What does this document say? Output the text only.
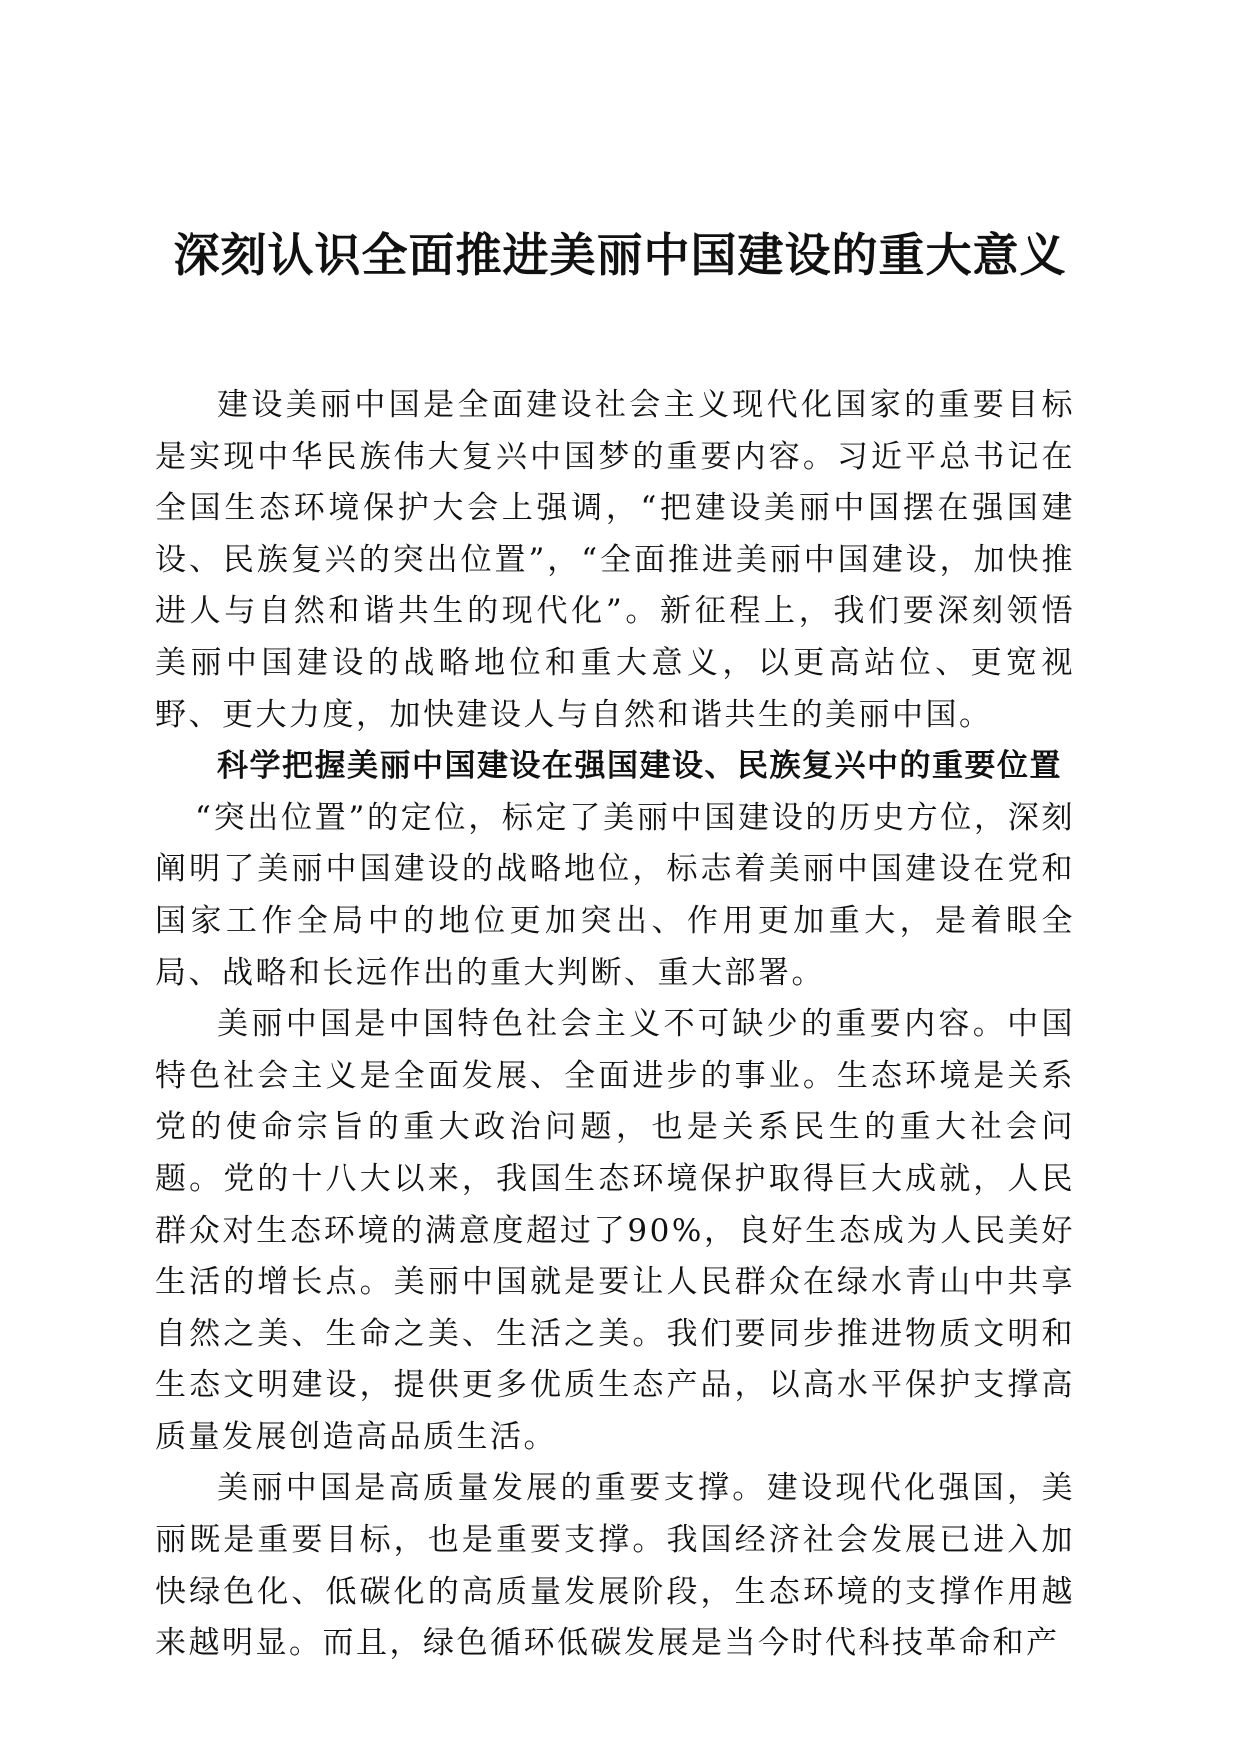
深刻认识全面推进美丽中国建设的重大意义

建设美丽中国是全面建设社会主义现代化国家的重要目标是实现中华民族伟大复兴中国梦的重要内容。习近平总书记在全国生态环境保护大会上强调，“把建设美丽中国摆在强国建设、民族复兴的突出位置”，“全面推进美丽中国建设，加快推进人与自然和谐共生的现代化”。新征程上，我们要深刻领悟美丽中国建设的战略地位和重大意义，以更高站位、更宽视野、更大力度，加快建设人与自然和谐共生的美丽中国。

科学把握美丽中国建设在强国建设、民族复兴中的重要位置

“突出位置”的定位，标定了美丽中国建设的历史方位，深刻阐明了美丽中国建设的战略地位，标志着美丽中国建设在党和国家工作全局中的地位更加突出、作用更加重大，是着眼全局、战略和长远作出的重大判断、重大部署。

美丽中国是中国特色社会主义不可缺少的重要内容。中国特色社会主义是全面发展、全面进步的事业。生态环境是关系党的使命宗旨的重大政治问题，也是关系民生的重大社会问题。党的十八大以来，我国生态环境保护取得巨大成就，人民群众对生态环境的满意度超过了90%，良好生态成为人民美好生活的增长点。美丽中国就是要让人民群众在绿水青山中共享自然之美、生命之美、生活之美。我们要同步推进物质文明和生态文明建设，提供更多优质生态产品，以高水平保护支撑高质量发展创造高品质生活。

美丽中国是高质量发展的重要支撑。建设现代化强国，美丽既是重要目标，也是重要支撑。我国经济社会发展已进入加快绿色化、低碳化的高质量发展阶段，生态环境的支撑作用越来越明显。而且，绿色循环低碳发展是当今时代科技革命和产
